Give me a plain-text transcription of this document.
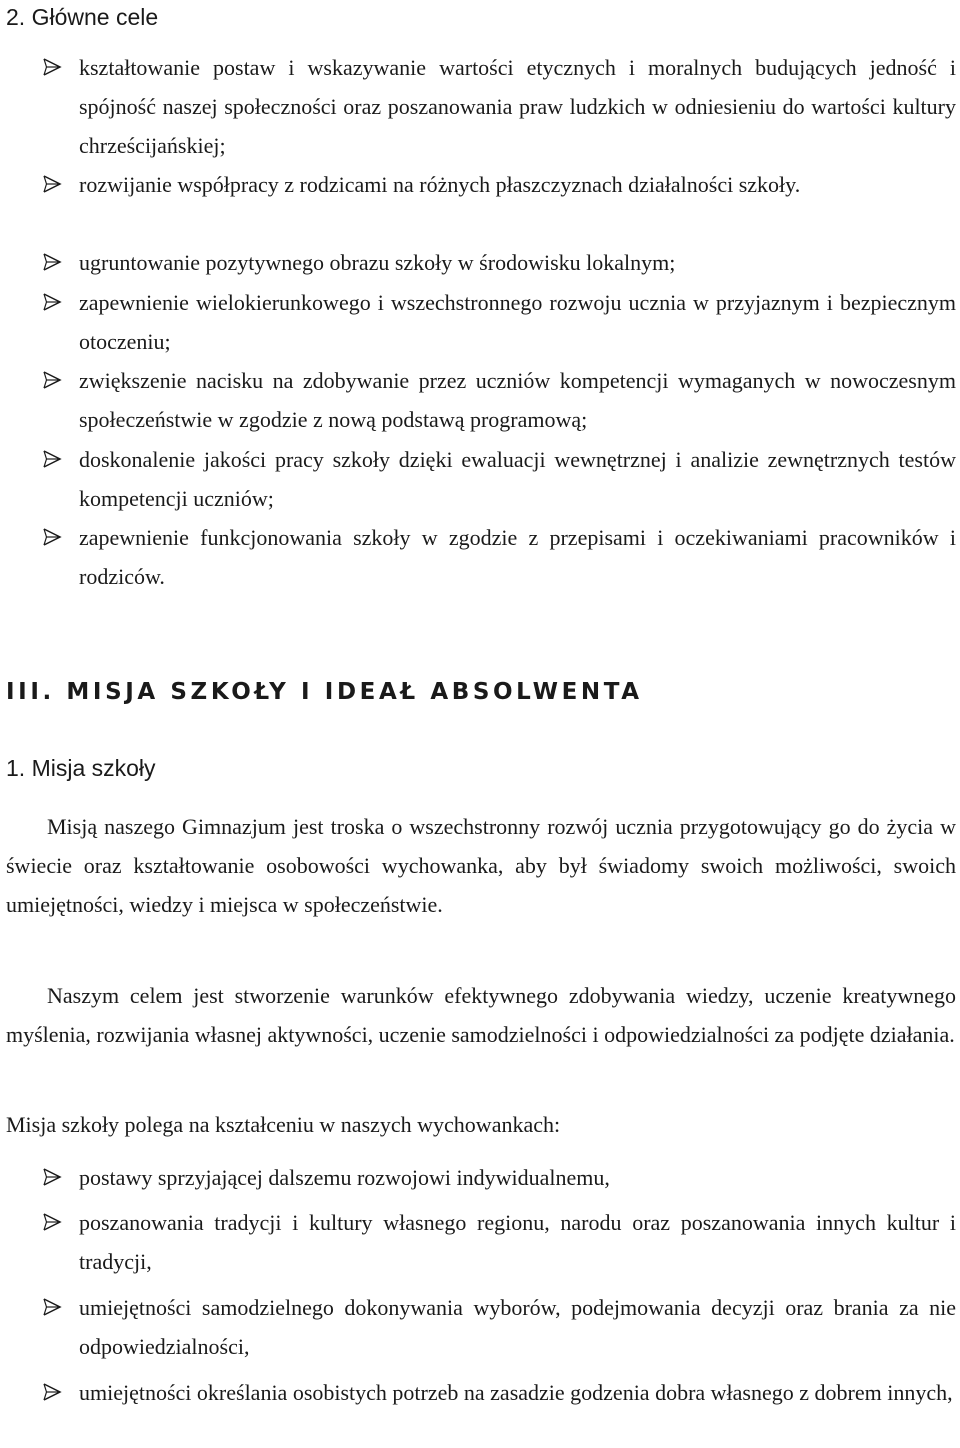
2. Główne cele
kształtowanie postaw i wskazywanie wartości etycznych i moralnych budujących jedność i spójność naszej społeczności oraz poszanowania praw ludzkich w odniesieniu do wartości kultury chrześcijańskiej;
rozwijanie współpracy z rodzicami na różnych płaszczyznach działalności szkoły.
ugruntowanie pozytywnego obrazu szkoły w środowisku lokalnym;
zapewnienie wielokierunkowego i wszechstronnego rozwoju ucznia w przyjaznym i bezpiecznym otoczeniu;
zwiększenie nacisku na zdobywanie przez uczniów kompetencji wymaganych w nowoczesnym społeczeństwie w zgodzie z nową podstawą programową;
doskonalenie jakości pracy szkoły dzięki ewaluacji wewnętrznej i analizie zewnętrznych testów kompetencji uczniów;
zapewnienie funkcjonowania szkoły w zgodzie z przepisami i oczekiwaniami pracowników i rodziców.
III. MISJA SZKOŁY I IDEAŁ ABSOLWENTA
1. Misja szkoły

Misją naszego Gimnazjum jest troska o wszechstronny rozwój ucznia przygotowujący go do życia w świecie oraz kształtowanie osobowości wychowanka, aby był świadomy swoich możliwości, swoich umiejętności, wiedzy i miejsca w społeczeństwie.

Naszym celem jest stworzenie warunków efektywnego zdobywania wiedzy, uczenie kreatywnego myślenia, rozwijania własnej aktywności, uczenie samodzielności i odpowiedzialności za podjęte działania.

Misja szkoły polega na kształceniu w naszych wychowankach:

postawy sprzyjającej dalszemu rozwojowi indywidualnemu,
poszanowania tradycji i kultury własnego regionu, narodu oraz poszanowania innych kultur i tradycji,
umiejętności samodzielnego dokonywania wyborów, podejmowania decyzji oraz brania za nie odpowiedzialności,
umiejętności określania osobistych potrzeb na zasadzie godzenia dobra własnego z dobrem innych,
